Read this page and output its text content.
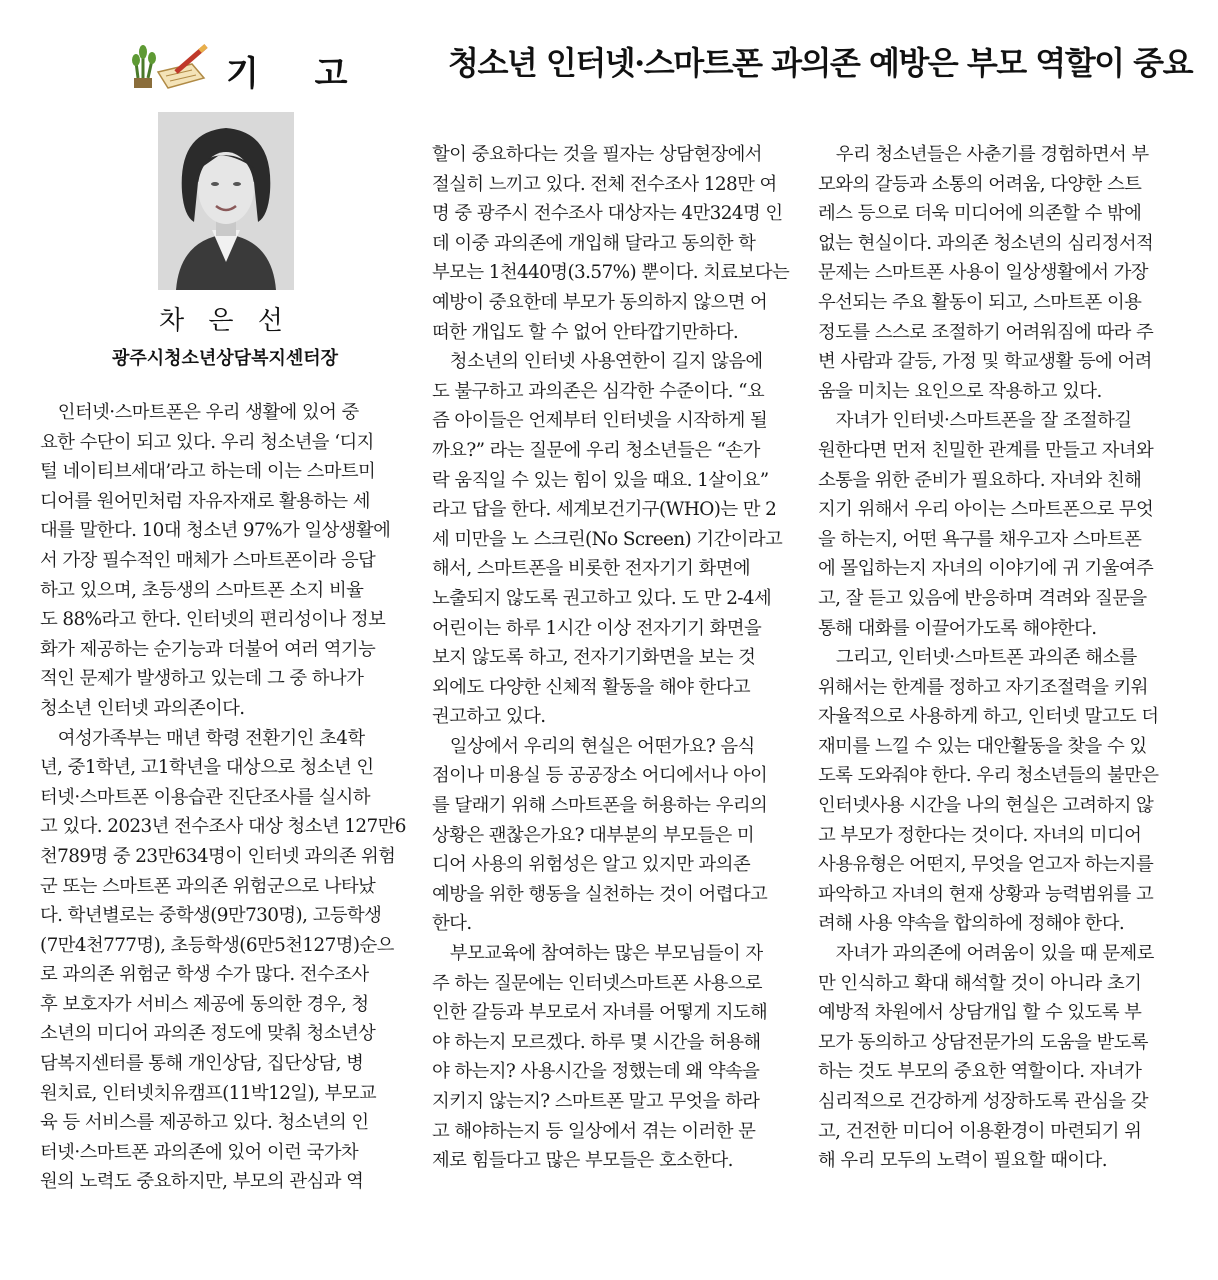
기 고	청소년 인터넷·스마트폰 과의존 예방은 부모 역할이 중요
차 은 선
광주시청소년상담복지센터장
　인터넷·스마트폰은 우리 생활에 있어 중
요한 수단이 되고 있다. 우리 청소년을 ‘디지
털 네이티브세대’라고 하는데 이는 스마트미
디어를 원어민처럼 자유자재로 활용하는 세
대를 말한다. 10대 청소년 97%가 일상생활에
서 가장 필수적인 매체가 스마트폰이라 응답
하고 있으며, 초등생의 스마트폰 소지 비율
도 88%라고 한다. 인터넷의 편리성이나 정보
화가 제공하는 순기능과 더불어 여러 역기능
적인 문제가 발생하고 있는데 그 중 하나가
청소년 인터넷 과의존이다.
　여성가족부는 매년 학령 전환기인 초4학
년, 중1학년, 고1학년을 대상으로 청소년 인
터넷·스마트폰 이용습관 진단조사를 실시하
고 있다. 2023년 전수조사 대상 청소년 127만6
천789명 중 23만634명이 인터넷 과의존 위험
군 또는 스마트폰 과의존 위험군으로 나타났
다. 학년별로는 중학생(9만730명), 고등학생
(7만4천777명), 초등학생(6만5천127명)순으
로 과의존 위험군 학생 수가 많다. 전수조사
후 보호자가 서비스 제공에 동의한 경우, 청
소년의 미디어 과의존 정도에 맞춰 청소년상
담복지센터를 통해 개인상담, 집단상담, 병
원치료, 인터넷치유캠프(11박12일), 부모교
육 등 서비스를 제공하고 있다. 청소년의 인
터넷·스마트폰 과의존에 있어 이런 국가차
원의 노력도 중요하지만, 부모의 관심과 역
할이 중요하다는 것을 필자는 상담현장에서
절실히 느끼고 있다. 전체 전수조사 128만 여
명 중 광주시 전수조사 대상자는 4만324명 인
데 이중 과의존에 개입해 달라고 동의한 학
부모는 1천440명(3.57%) 뿐이다. 치료보다는
예방이 중요한데 부모가 동의하지 않으면 어
떠한 개입도 할 수 없어 안타깝기만하다.
　청소년의 인터넷 사용연한이 길지 않음에
도 불구하고 과의존은 심각한 수준이다. “요
즘 아이들은 언제부터 인터넷을 시작하게 될
까요?” 라는 질문에 우리 청소년들은 “손가
락 움직일 수 있는 힘이 있을 때요. 1살이요”
라고 답을 한다. 세계보건기구(WHO)는 만 2
세 미만을 노 스크린(No Screen) 기간이라고
해서, 스마트폰을 비롯한 전자기기 화면에
노출되지 않도록 권고하고 있다. 도 만 2-4세
어린이는 하루 1시간 이상 전자기기 화면을
보지 않도록 하고, 전자기기화면을 보는 것
외에도 다양한 신체적 활동을 해야 한다고
권고하고 있다.
　일상에서 우리의 현실은 어떤가요? 음식
점이나 미용실 등 공공장소 어디에서나 아이
를 달래기 위해 스마트폰을 허용하는 우리의
상황은 괜찮은가요? 대부분의 부모들은 미
디어 사용의 위험성은 알고 있지만 과의존
예방을 위한 행동을 실천하는 것이 어렵다고
한다.
　부모교육에 참여하는 많은 부모님들이 자
주 하는 질문에는 인터넷스마트폰 사용으로
인한 갈등과 부모로서 자녀를 어떻게 지도해
야 하는지 모르겠다. 하루 몇 시간을 허용해
야 하는지? 사용시간을 정했는데 왜 약속을
지키지 않는지? 스마트폰 말고 무엇을 하라
고 해야하는지 등 일상에서 겪는 이러한 문
제로 힘들다고 많은 부모들은 호소한다.
　우리 청소년들은 사춘기를 경험하면서 부
모와의 갈등과 소통의 어려움, 다양한 스트
레스 등으로 더욱 미디어에 의존할 수 밖에
없는 현실이다. 과의존 청소년의 심리정서적
문제는 스마트폰 사용이 일상생활에서 가장
우선되는 주요 활동이 되고, 스마트폰 이용
정도를 스스로 조절하기 어려워짐에 따라 주
변 사람과 갈등, 가정 및 학교생활 등에 어려
움을 미치는 요인으로 작용하고 있다.
　자녀가 인터넷·스마트폰을 잘 조절하길
원한다면 먼저 친밀한 관계를 만들고 자녀와
소통을 위한 준비가 필요하다. 자녀와 친해
지기 위해서 우리 아이는 스마트폰으로 무엇
을 하는지, 어떤 욕구를 채우고자 스마트폰
에 몰입하는지 자녀의 이야기에 귀 기울여주
고, 잘 듣고 있음에 반응하며 격려와 질문을
통해 대화를 이끌어가도록 해야한다.
　그리고, 인터넷·스마트폰 과의존 해소를
위해서는 한계를 정하고 자기조절력을 키워
자율적으로 사용하게 하고, 인터넷 말고도 더
재미를 느낄 수 있는 대안활동을 찾을 수 있
도록 도와줘야 한다. 우리 청소년들의 불만은
인터넷사용 시간을 나의 현실은 고려하지 않
고 부모가 정한다는 것이다. 자녀의 미디어
사용유형은 어떤지, 무엇을 얻고자 하는지를
파악하고 자녀의 현재 상황과 능력범위를 고
려해 사용 약속을 합의하에 정해야 한다.
　자녀가 과의존에 어려움이 있을 때 문제로
만 인식하고 확대 해석할 것이 아니라 초기
예방적 차원에서 상담개입 할 수 있도록 부
모가 동의하고 상담전문가의 도움을 받도록
하는 것도 부모의 중요한 역할이다. 자녀가
심리적으로 건강하게 성장하도록 관심을 갖
고, 건전한 미디어 이용환경이 마련되기 위
해 우리 모두의 노력이 필요할 때이다.
